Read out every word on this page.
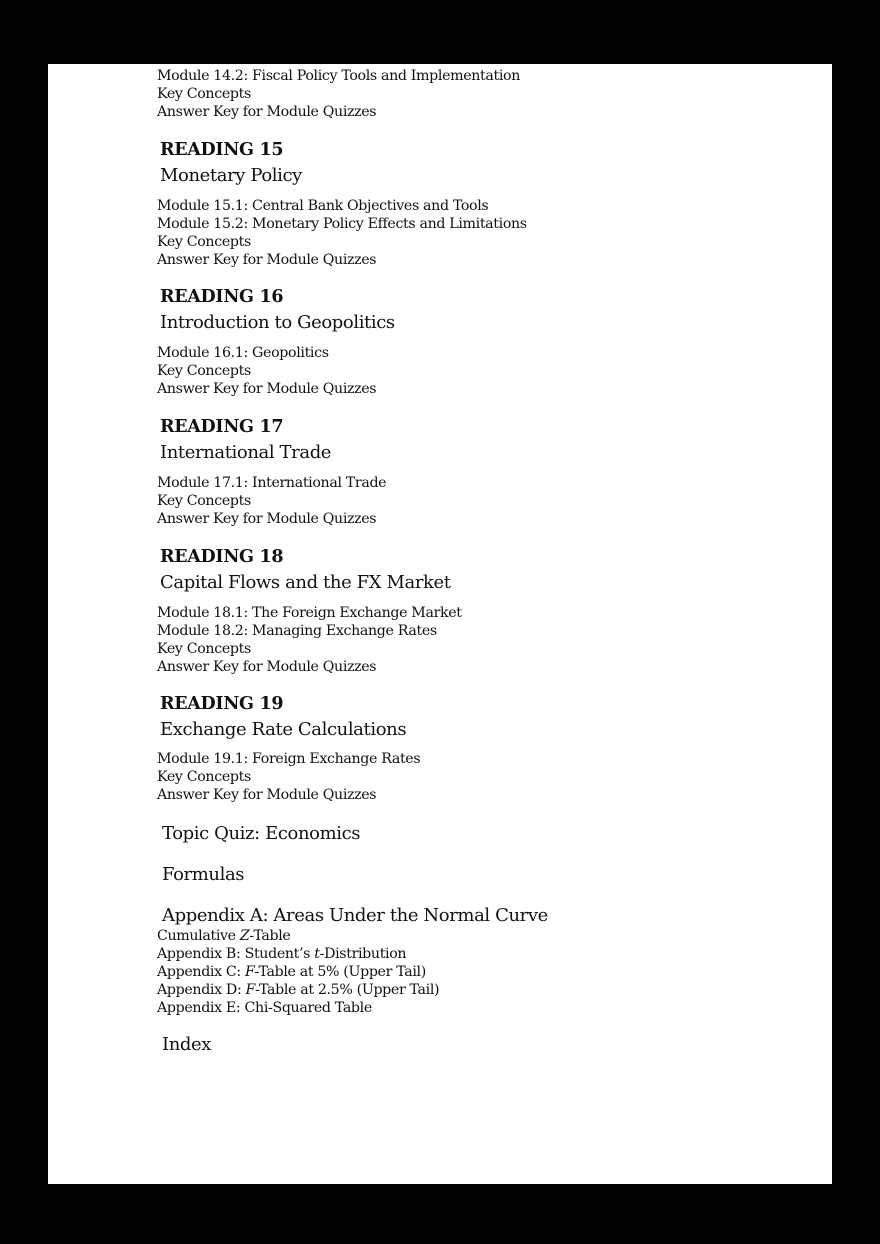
Module 14.2: Fiscal Policy Tools and Implementation
Key Concepts
Answer Key for Module Quizzes
READING 15
Monetary Policy
Module 15.1: Central Bank Objectives and Tools
Module 15.2: Monetary Policy Effects and Limitations
Key Concepts
Answer Key for Module Quizzes
READING 16
Introduction to Geopolitics
Module 16.1: Geopolitics
Key Concepts
Answer Key for Module Quizzes
READING 17
International Trade
Module 17.1: International Trade
Key Concepts
Answer Key for Module Quizzes
READING 18
Capital Flows and the FX Market
Module 18.1: The Foreign Exchange Market
Module 18.2: Managing Exchange Rates
Key Concepts
Answer Key for Module Quizzes
READING 19
Exchange Rate Calculations
Module 19.1: Foreign Exchange Rates
Key Concepts
Answer Key for Module Quizzes
Topic Quiz: Economics
Formulas
Appendix A: Areas Under the Normal Curve
Cumulative Z-Table
Appendix B: Student’s t-Distribution
Appendix C: F-Table at 5% (Upper Tail)
Appendix D: F-Table at 2.5% (Upper Tail)
Appendix E: Chi-Squared Table
Index
